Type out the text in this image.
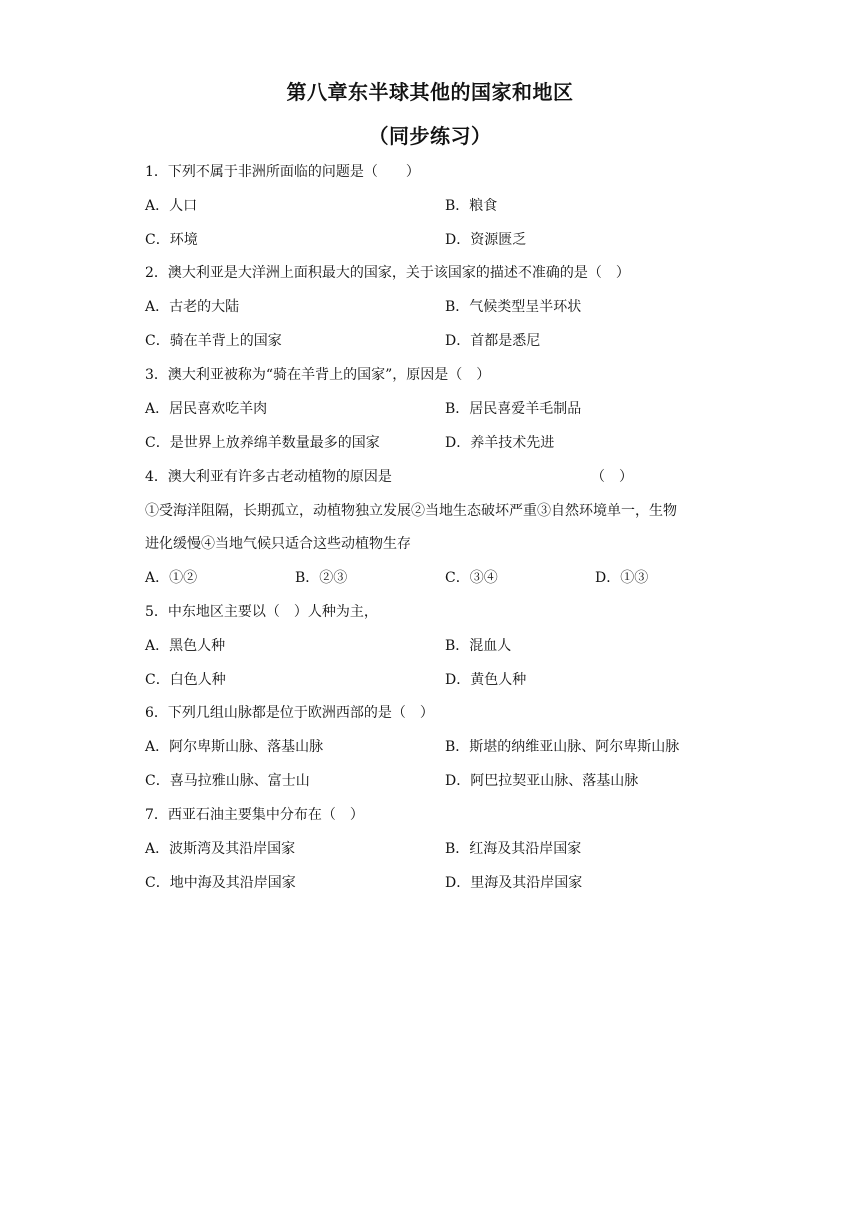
第八章东半球其他的国家和地区
（同步练习）
1．下列不属于非洲所面临的问题是（　　）
A．人口	B．粮食
C．环境	D．资源匮乏
2．澳大利亚是大洋洲上面积最大的国家，关于该国家的描述不准确的是（　）
A．古老的大陆	B．气候类型呈半环状
C．骑在羊背上的国家	D．首都是悉尼
3．澳大利亚被称为“骑在羊背上的国家”，原因是（　）
A．居民喜欢吃羊肉	B．居民喜爱羊毛制品
C．是世界上放养绵羊数量最多的国家	D．养羊技术先进
4．澳大利亚有许多古老动植物的原因是	（　）
①受海洋阻隔，长期孤立，动植物独立发展②当地生态破坏严重③自然环境单一，生物
进化缓慢④当地气候只适合这些动植物生存
A．①②	B．②③	C．③④	D．①③
5．中东地区主要以（　）人种为主，
A．黑色人种	B．混血人
C．白色人种	D．黄色人种
6．下列几组山脉都是位于欧洲西部的是（　）
A．阿尔卑斯山脉、落基山脉	B．斯堪的纳维亚山脉、阿尔卑斯山脉
C．喜马拉雅山脉、富士山	D．阿巴拉契亚山脉、落基山脉
7．西亚石油主要集中分布在（　）
A．波斯湾及其沿岸国家	B．红海及其沿岸国家
C．地中海及其沿岸国家	D．里海及其沿岸国家
